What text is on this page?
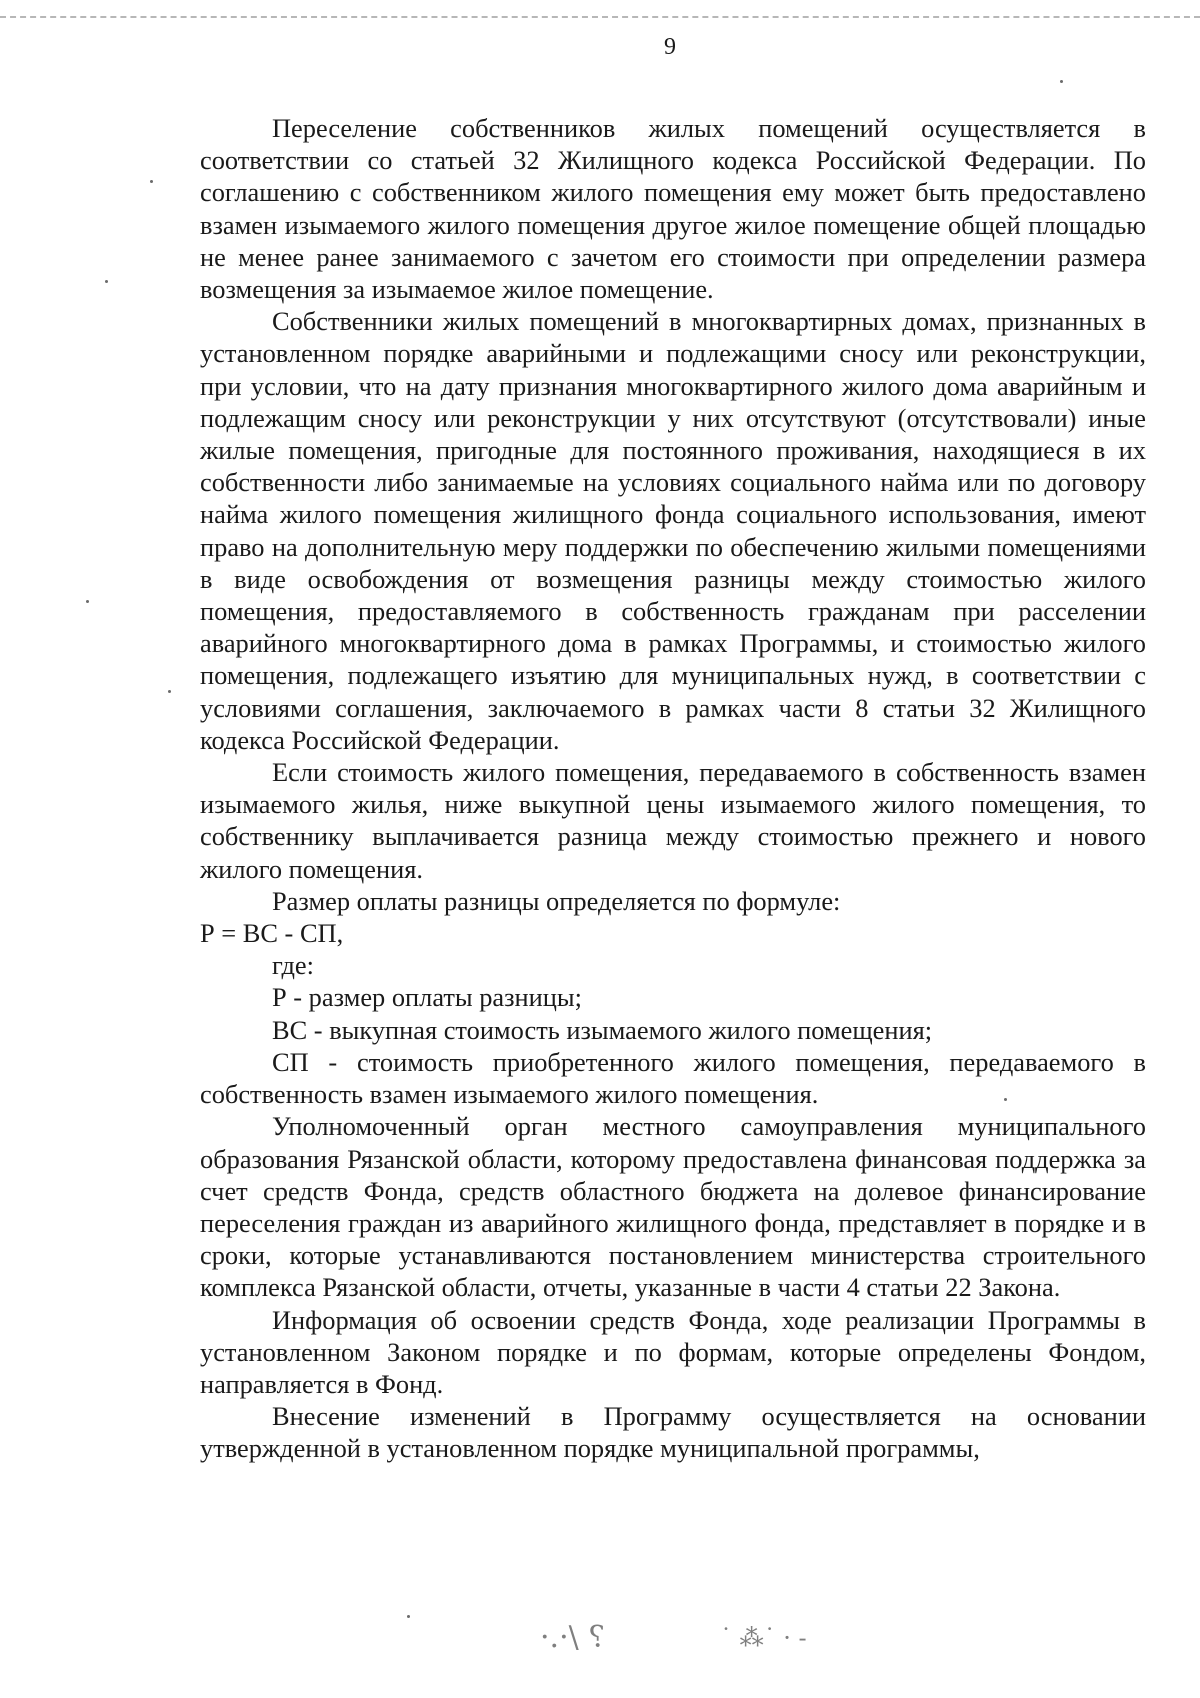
9

Переселение собственников жилых помещений осуществляется в соответствии со статьей 32 Жилищного кодекса Российской Федерации. По соглашению с собственником жилого помещения ему может быть предоставлено взамен изымаемого жилого помещения другое жилое помещение общей площадью не менее ранее занимаемого с зачетом его стоимости при определении размера возмещения за изымаемое жилое помещение.

Собственники жилых помещений в многоквартирных домах, признанных в установленном порядке аварийными и подлежащими сносу или реконструкции, при условии, что на дату признания многоквартирного жилого дома аварийным и подлежащим сносу или реконструкции у них отсутствуют (отсутствовали) иные жилые помещения, пригодные для постоянного проживания, находящиеся в их собственности либо занимаемые на условиях социального найма или по договору найма жилого помещения жилищного фонда социального использования, имеют право на дополнительную меру поддержки по обеспечению жилыми помещениями в виде освобождения от возмещения разницы между стоимостью жилого помещения, предоставляемого в собственность гражданам при расселении аварийного многоквартирного дома в рамках Программы, и стоимостью жилого помещения, подлежащего изъятию для муниципальных нужд, в соответствии с условиями соглашения, заключаемого в рамках части 8 статьи 32 Жилищного кодекса Российской Федерации.

Если стоимость жилого помещения, передаваемого в собственность взамен изымаемого жилья, ниже выкупной цены изымаемого жилого помещения, то собственнику выплачивается разница между стоимостью прежнего и нового жилого помещения.

Размер оплаты разницы определяется по формуле:

Р = ВС - СП,

где:

Р - размер оплаты разницы;

ВС - выкупная стоимость изымаемого жилого помещения;

СП - стоимость приобретенного жилого помещения, передаваемого в собственность взамен изымаемого жилого помещения.

Уполномоченный орган местного самоуправления муниципального образования Рязанской области, которому предоставлена финансовая поддержка за счет средств Фонда, средств областного бюджета на долевое финансирование переселения граждан из аварийного жилищного фонда, представляет в порядке и в сроки, которые устанавливаются постановлением министерства строительного комплекса Рязанской области, отчеты, указанные в части 4 статьи 22 Закона.

Информация об освоении средств Фонда, ходе реализации Программы в установленном Законом порядке и по формам, которые определены Фондом, направляется в Фонд.

Внесение изменений в Программу осуществляется на основании утвержденной в установленном порядке муниципальной программы,

·.·\ ⸮	˙ ⁂˙ · -
